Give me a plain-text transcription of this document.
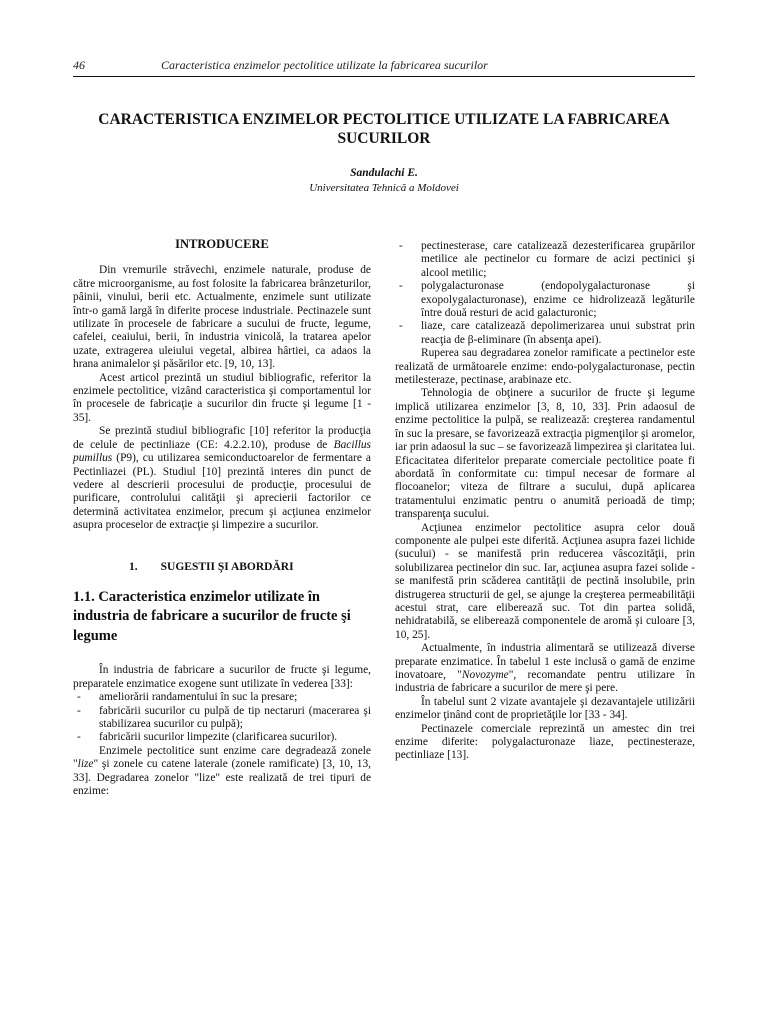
46	Caracteristica enzimelor pectolitice utilizate la fabricarea sucurilor
CARACTERISTICA ENZIMELOR PECTOLITICE UTILIZATE LA FABRICAREA SUCURILOR
Sandulachi E.
Universitatea Tehnică a Moldovei
INTRODUCERE

Din vremurile străvechi, enzimele naturale, produse de către microorganisme, au fost folosite la fabricarea brânzeturilor, pâinii, vinului, berii etc. Actualmente, enzimele sunt utilizate într-o gamă largă în diferite procese industriale. Pectinazele sunt utilizate în procesele de fabricare a sucului de fructe, legume, cafelei, ceaiului, berii, în industria vinicolă, la tratarea apelor uzate, extragerea uleiului vegetal, albirea hârtiei, ca adaos la hrana animalelor şi păsărilor etc. [9, 10, 13].

Acest articol prezintă un studiul bibliografic, referitor la enzimele pectolitice, vizând caracteristica şi comportamentul lor în procesele de fabricaţie a sucurilor din fructe şi legume [1 - 35].

Se prezintă studiul bibliografic [10] referitor la producţia de celule de pectinliaze (CE: 4.2.2.10), produse de Bacillus pumillus (P9), cu utilizarea semiconductoarelor de fermentare a Pectinliazei (PL). Studiul [10] prezintă interes din punct de vedere al descrierii procesului de producţie, procesului de purificare, controlului calităţii şi aprecierii factorilor ce determină activitatea enzimelor, precum şi acţiunea enzimelor asupra proceselor de extracţie şi limpezire a sucurilor.

1.        SUGESTII ŞI ABORDĂRI
1.1. Caracteristica enzimelor utilizate în industria de fabricare a sucurilor de fructe şi legume

În industria de fabricare a sucurilor de fructe şi legume, preparatele enzimatice exogene sunt utilizate în vederea [33]:

-	ameliorării randamentului în suc la presare;
-	fabricării sucurilor cu pulpă de tip nectaruri (macerarea şi stabilizarea sucurilor cu pulpă);
-	fabricării sucurilor limpezite (clarificarea sucurilor).

Enzimele pectolitice sunt enzime care degradează zonele "lize" şi zonele cu catene laterale (zonele ramificate) [3, 10, 13, 33]. Degradarea zonelor "lize" este realizată de trei tipuri de enzime:

-	pectinesterase, care catalizează dezesterificarea grupărilor metilice ale pectinelor cu formare de acizi pectinici şi alcool metilic;
-	polygalacturonase (endopolygalacturonase şi exopolygalacturonase), enzime ce hidrolizează legăturile între două resturi de acid galacturonic;
-	liaze, care catalizează depolimerizarea unui substrat prin reacţia de β-eliminare (în absenţa apei).

Ruperea sau degradarea zonelor ramificate a pectinelor este realizată de următoarele enzime: endo-polygalacturonase, pectin metilesteraze, pectinase, arabinaze etc.

Tehnologia de obţinere a sucurilor de fructe şi legume implică utilizarea enzimelor [3, 8, 10, 33]. Prin adaosul de enzime pectolitice la pulpă, se realizează: creşterea randamentul în suc la presare, se favorizează extracţia pigmenţilor şi aromelor, iar prin adaosul la suc – se favorizează limpezirea şi claritatea lui. Eficacitatea diferitelor preparate comerciale pectolitice poate fi abordată în conformitate cu: timpul necesar de formare al flocoanelor; viteza de filtrare a sucului, după aplicarea tratamentului enzimatic pentru o anumită perioadă de timp; transparenţa sucului.

Acţiunea enzimelor pectolitice asupra celor două componente ale pulpei este diferită. Acţiunea asupra fazei lichide (sucului) - se manifestă prin reducerea vâscozităţii, prin solubilizarea pectinelor din suc. Iar, acţiunea asupra fazei solide - se manifestă prin scăderea cantităţii de pectină insolubile, prin distrugerea structurii de gel, se ajunge la creşterea permeabilităţii acestui strat, care eliberează suc. Tot din partea solidă, nehidratabilă, se eliberează componentele de aromă şi culoare [3, 10, 25].

Actualmente, în industria alimentară se utilizează diverse preparate enzimatice. În tabelul 1 este inclusă o gamă de enzime inovatoare, "Novozyme", recomandate pentru utilizare în industria de fabricare a sucurilor de mere şi pere.

În tabelul sunt 2 vizate avantajele şi dezavantajele utilizării enzimelor ţinând cont de proprietăţile lor [33 - 34].

Pectinazele comerciale reprezintă un amestec din trei enzime diferite: polygalacturonaze liaze, pectinesteraze, pectinliaze [13].
